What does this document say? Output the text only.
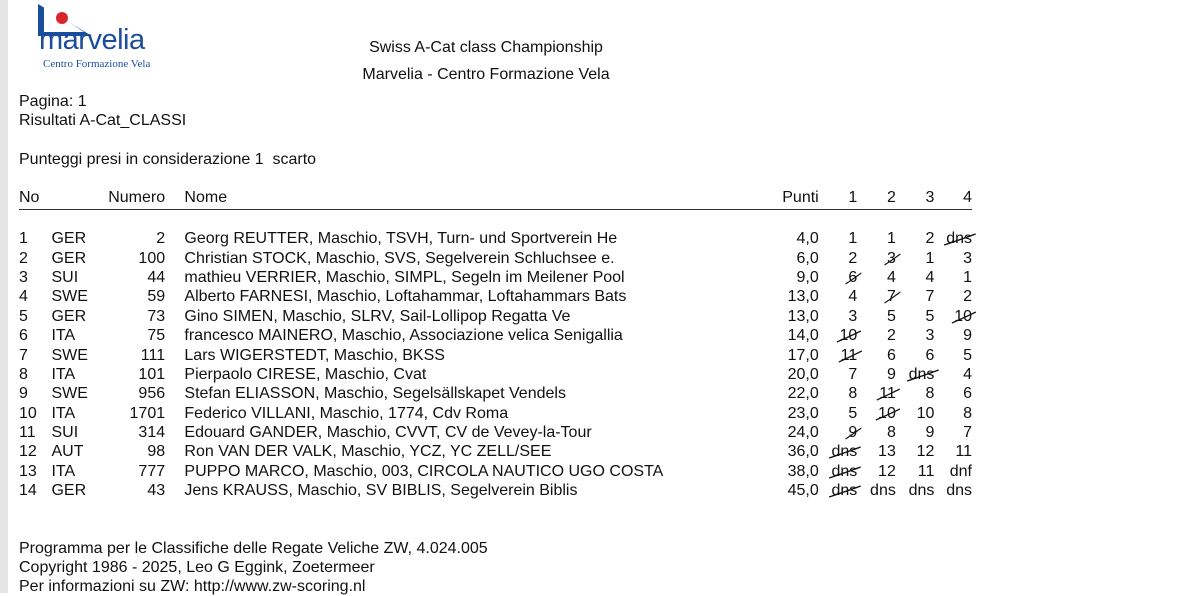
marvelia
Centro Formazione Vela
Swiss A-Cat class Championship
Marvelia - Centro Formazione Vela
Pagina: 1
Risultati A-Cat_CLASSI
Punteggi presi in considerazione 1  scarto
No		Numero		Nome	Punti	1	2	3	4

1	GER	2		Georg REUTTER, Maschio, TSVH, Turn- und Sportverein He	4,0	1	1	2	dns

2	GER	100		Christian STOCK, Maschio, SVS, Segelverein Schluchsee e.	6,0	2	3	1	3
3	SUI	44		mathieu VERRIER, Maschio, SIMPL, Segeln im Meilener Pool	9,0	6	4	4	1
4	SWE	59		Alberto FARNESI, Maschio, Loftahammar, Loftahammars Bats	13,0	4	7	7	2
5	GER	73		Gino SIMEN, Maschio, SLRV, Sail-Lollipop Regatta Ve	13,0	3	5	5	10

6	ITA	75		francesco MAINERO, Maschio, Associazione velica Senigallia	14,0	10	2	3	9
7	SWE	111		Lars WIGERSTEDT, Maschio, BKSS	17,0	11	6	6	5
8	ITA	101		Pierpaolo CIRESE, Maschio, Cvat	20,0	7	9	dns	4
9	SWE	956		Stefan ELIASSON, Maschio, Segelsällskapet Vendels	22,0	8	11	8	6
10	ITA	1701		Federico VILLANI, Maschio, 1774, Cdv Roma	23,0	5	10	10	8
11	SUI	314		Edouard GANDER, Maschio, CVVT, CV de Vevey-la-Tour	24,0	9	8	9	7
12	AUT	98		Ron VAN DER VALK, Maschio, YCZ, YC ZELL/SEE	36,0	dns	13	12	11
13	ITA	777		PUPPO MARCO, Maschio, 003, CIRCOLA NAUTICO UGO COSTA	38,0	dns	12	11	dnf
14	GER	43		Jens KRAUSS, Maschio, SV BIBLIS, Segelverein Biblis	45,0	dns	dns	dns	dns
Programma per le Classifiche delle Regate Veliche ZW, 4.024.005
Copyright 1986 - 2025, Leo G Eggink, Zoetermeer
Per informazioni su ZW: http://www.zw-scoring.nl
